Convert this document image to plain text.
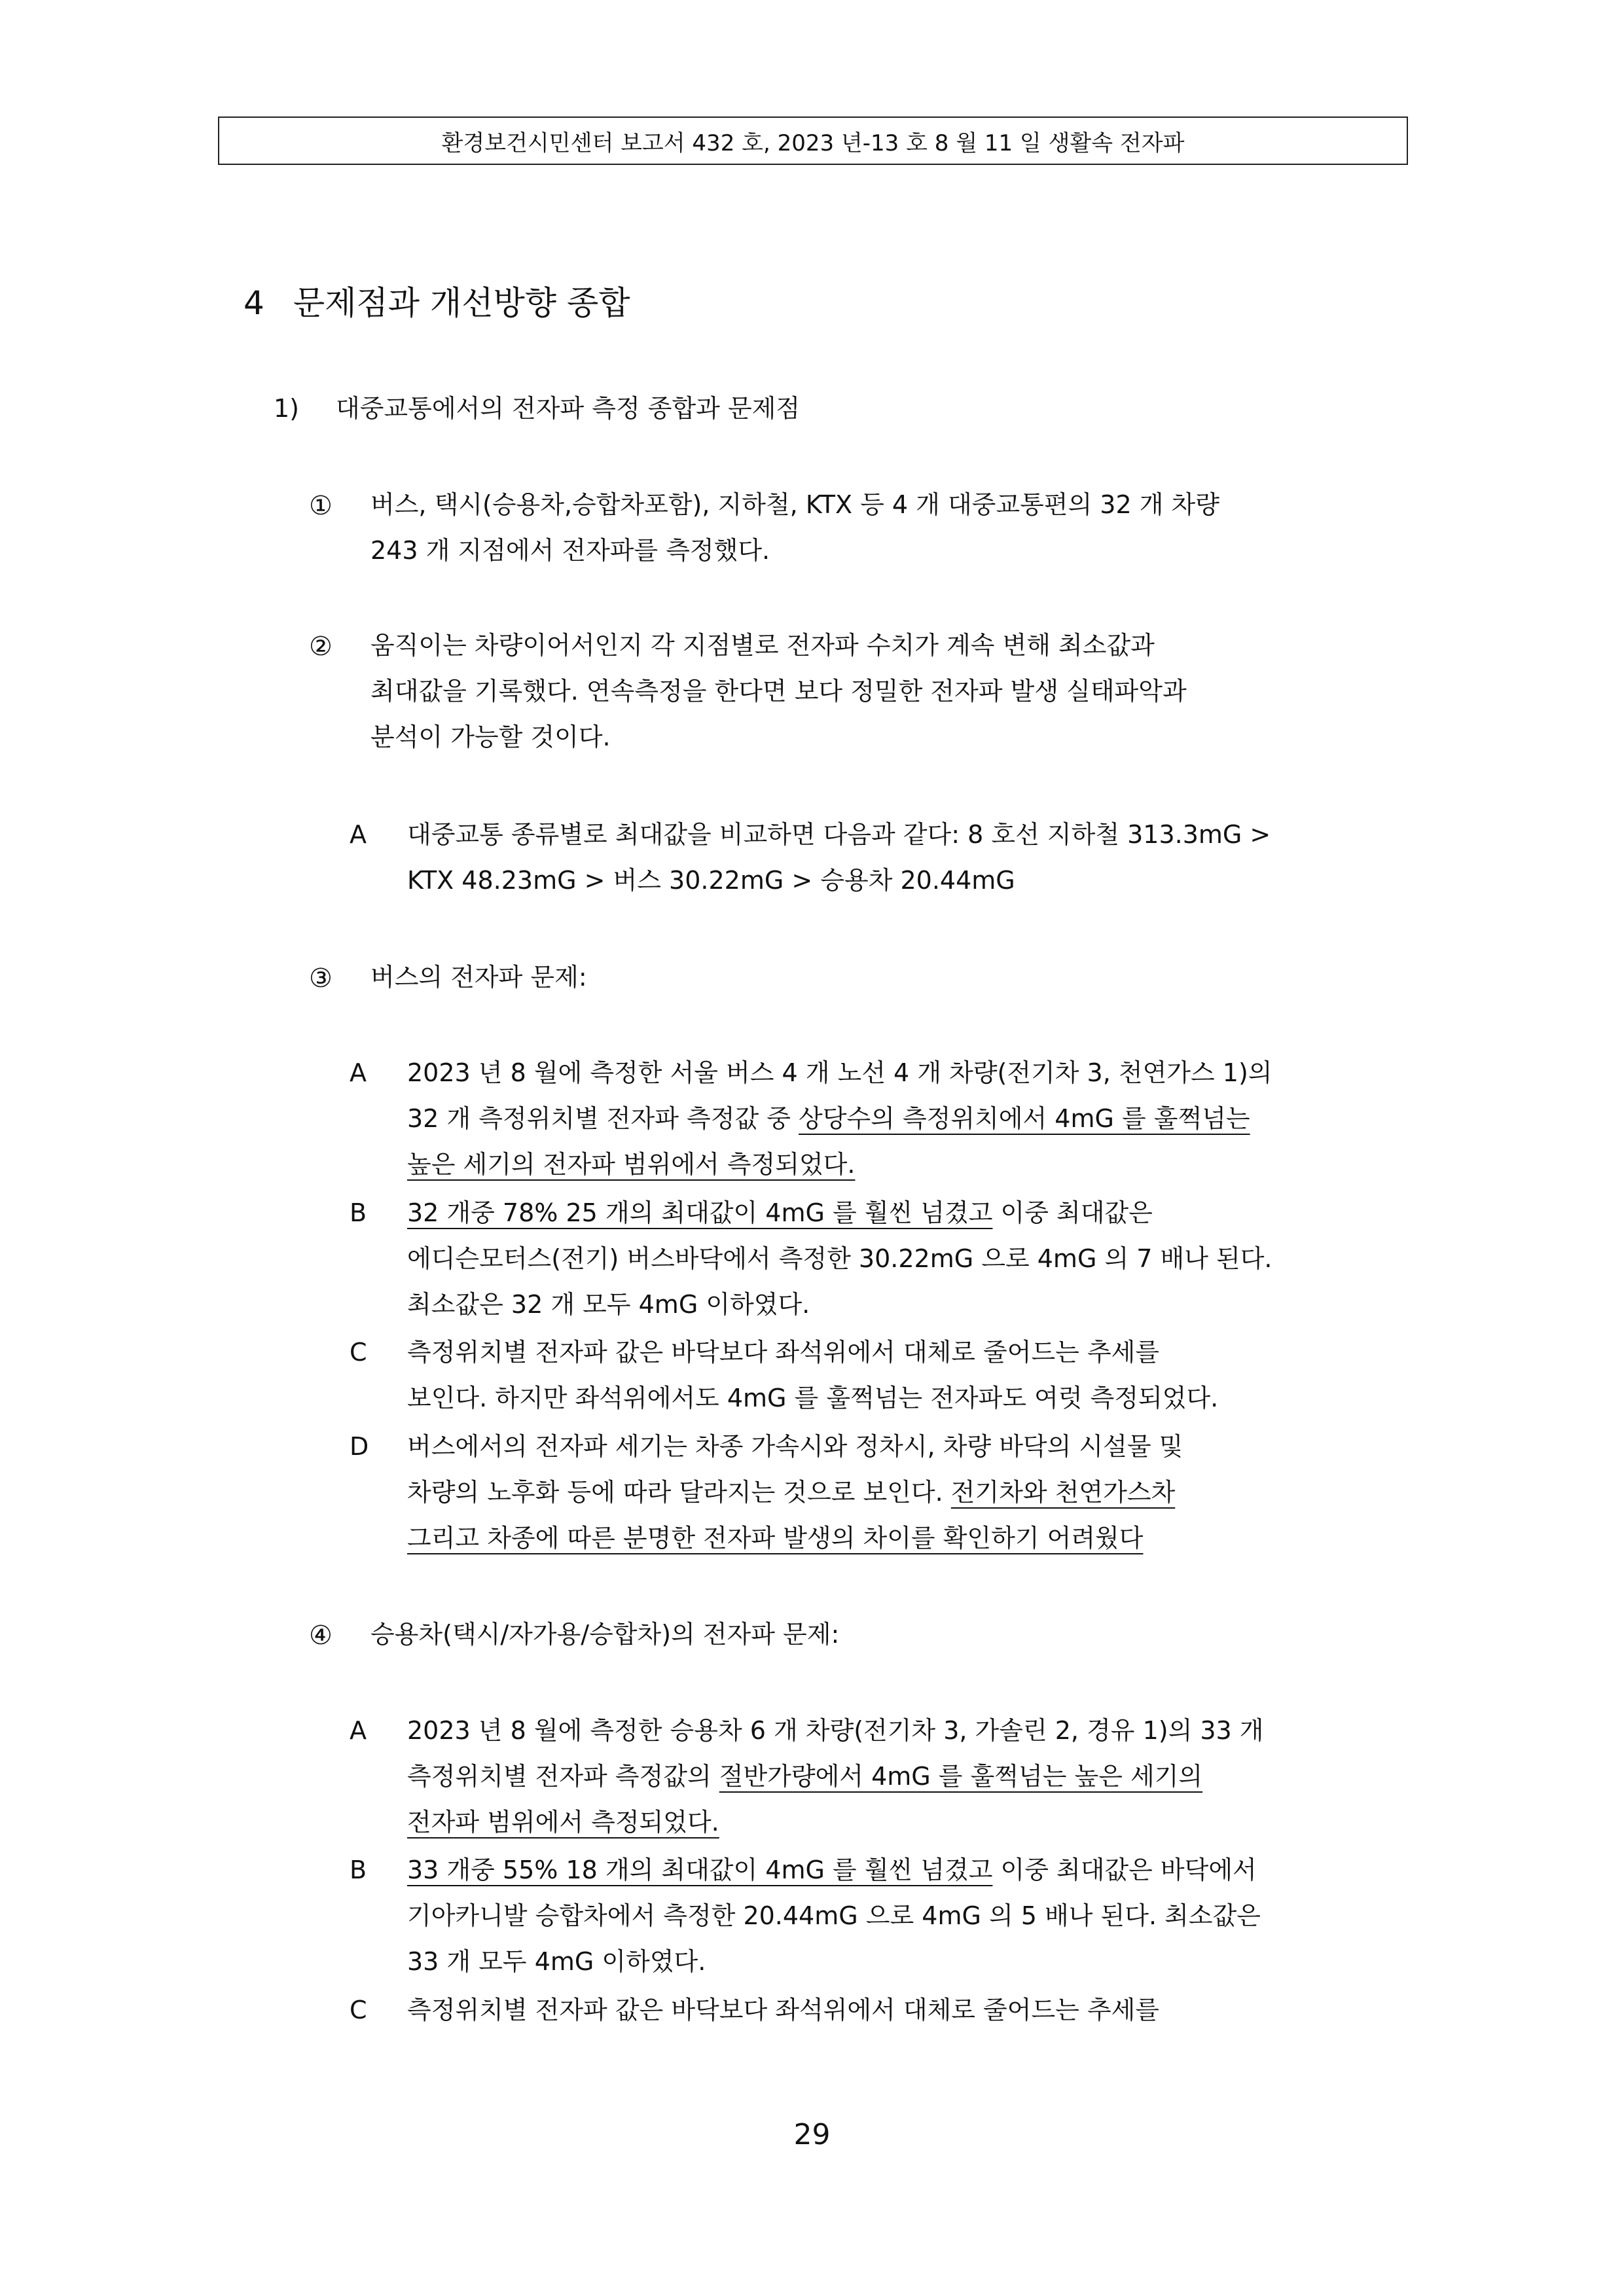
환경보건시민센터 보고서 432 호, 2023 년-13 호 8 월 11 일 생활속 전자파
4 문제점과 개선방향 종합
1) 대중교통에서의 전자파 측정 종합과 문제점
① 버스, 택시(승용차,승합차포함), 지하철, KTX 등 4 개 대중교통편의 32 개 차량
243 개 지점에서 전자파를 측정했다.
② 움직이는 차량이어서인지 각 지점별로 전자파 수치가 계속 변해 최소값과
최대값을 기록했다. 연속측정을 한다면 보다 정밀한 전자파 발생 실태파악과
분석이 가능할 것이다.
A 대중교통 종류별로 최대값을 비교하면 다음과 같다: 8 호선 지하철 313.3mG >
KTX 48.23mG > 버스 30.22mG > 승용차 20.44mG
③ 버스의 전자파 문제:
A 2023 년 8 월에 측정한 서울 버스 4 개 노선 4 개 차량(전기차 3, 천연가스 1)의
32 개 측정위치별 전자파 측정값 중 상당수의 측정위치에서 4mG 를 훌쩍넘는
높은 세기의 전자파 범위에서 측정되었다.
B 32 개중 78% 25 개의 최대값이 4mG 를 훨씬 넘겼고 이중 최대값은
에디슨모터스(전기) 버스바닥에서 측정한 30.22mG 으로 4mG 의 7 배나 된다.
최소값은 32 개 모두 4mG 이하였다.
C 측정위치별 전자파 값은 바닥보다 좌석위에서 대체로 줄어드는 추세를
보인다. 하지만 좌석위에서도 4mG 를 훌쩍넘는 전자파도 여럿 측정되었다.
D 버스에서의 전자파 세기는 차종 가속시와 정차시, 차량 바닥의 시설물 및
차량의 노후화 등에 따라 달라지는 것으로 보인다. 전기차와 천연가스차
그리고 차종에 따른 분명한 전자파 발생의 차이를 확인하기 어려웠다
④ 승용차(택시/자가용/승합차)의 전자파 문제:
A 2023 년 8 월에 측정한 승용차 6 개 차량(전기차 3, 가솔린 2, 경유 1)의 33 개
측정위치별 전자파 측정값의 절반가량에서 4mG 를 훌쩍넘는 높은 세기의
전자파 범위에서 측정되었다.
B 33 개중 55% 18 개의 최대값이 4mG 를 훨씬 넘겼고 이중 최대값은 바닥에서
기아카니발 승합차에서 측정한 20.44mG 으로 4mG 의 5 배나 된다. 최소값은
33 개 모두 4mG 이하였다.
C 측정위치별 전자파 값은 바닥보다 좌석위에서 대체로 줄어드는 추세를
29
